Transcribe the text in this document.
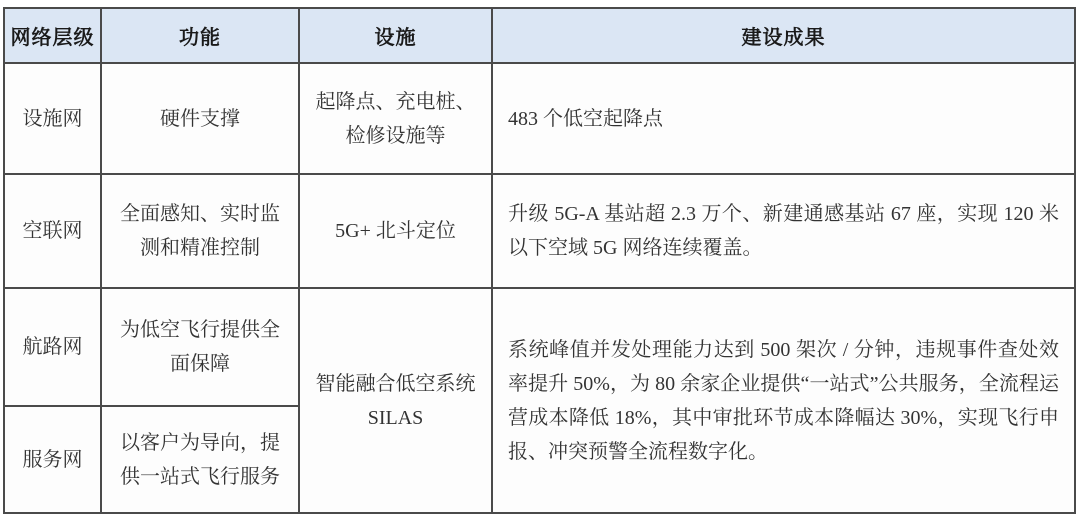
网络层级	功能	设施	建设成果
设施网	硬件支撑	起降点、充电桩、检修设施等	483 个低空起降点
空联网	全面感知、实时监测和精准控制	5G+ 北斗定位	升级 5G-A 基站超 2.3 万个、新建通感基站 67 座，实现 120 米以下空域 5G 网络连续覆盖。
航路网	为低空飞行提供全面保障	智能融合低空系统 SILAS	系统峰值并发处理能力达到 500 架次 / 分钟，违规事件查处效率提升 50%，为 80 余家企业提供“一站式”公共服务，全流程运营成本降低 18%，其中审批环节成本降幅达 30%，实现飞行申报、冲突预警全流程数字化。
服务网	以客户为导向，提供一站式飞行服务		
